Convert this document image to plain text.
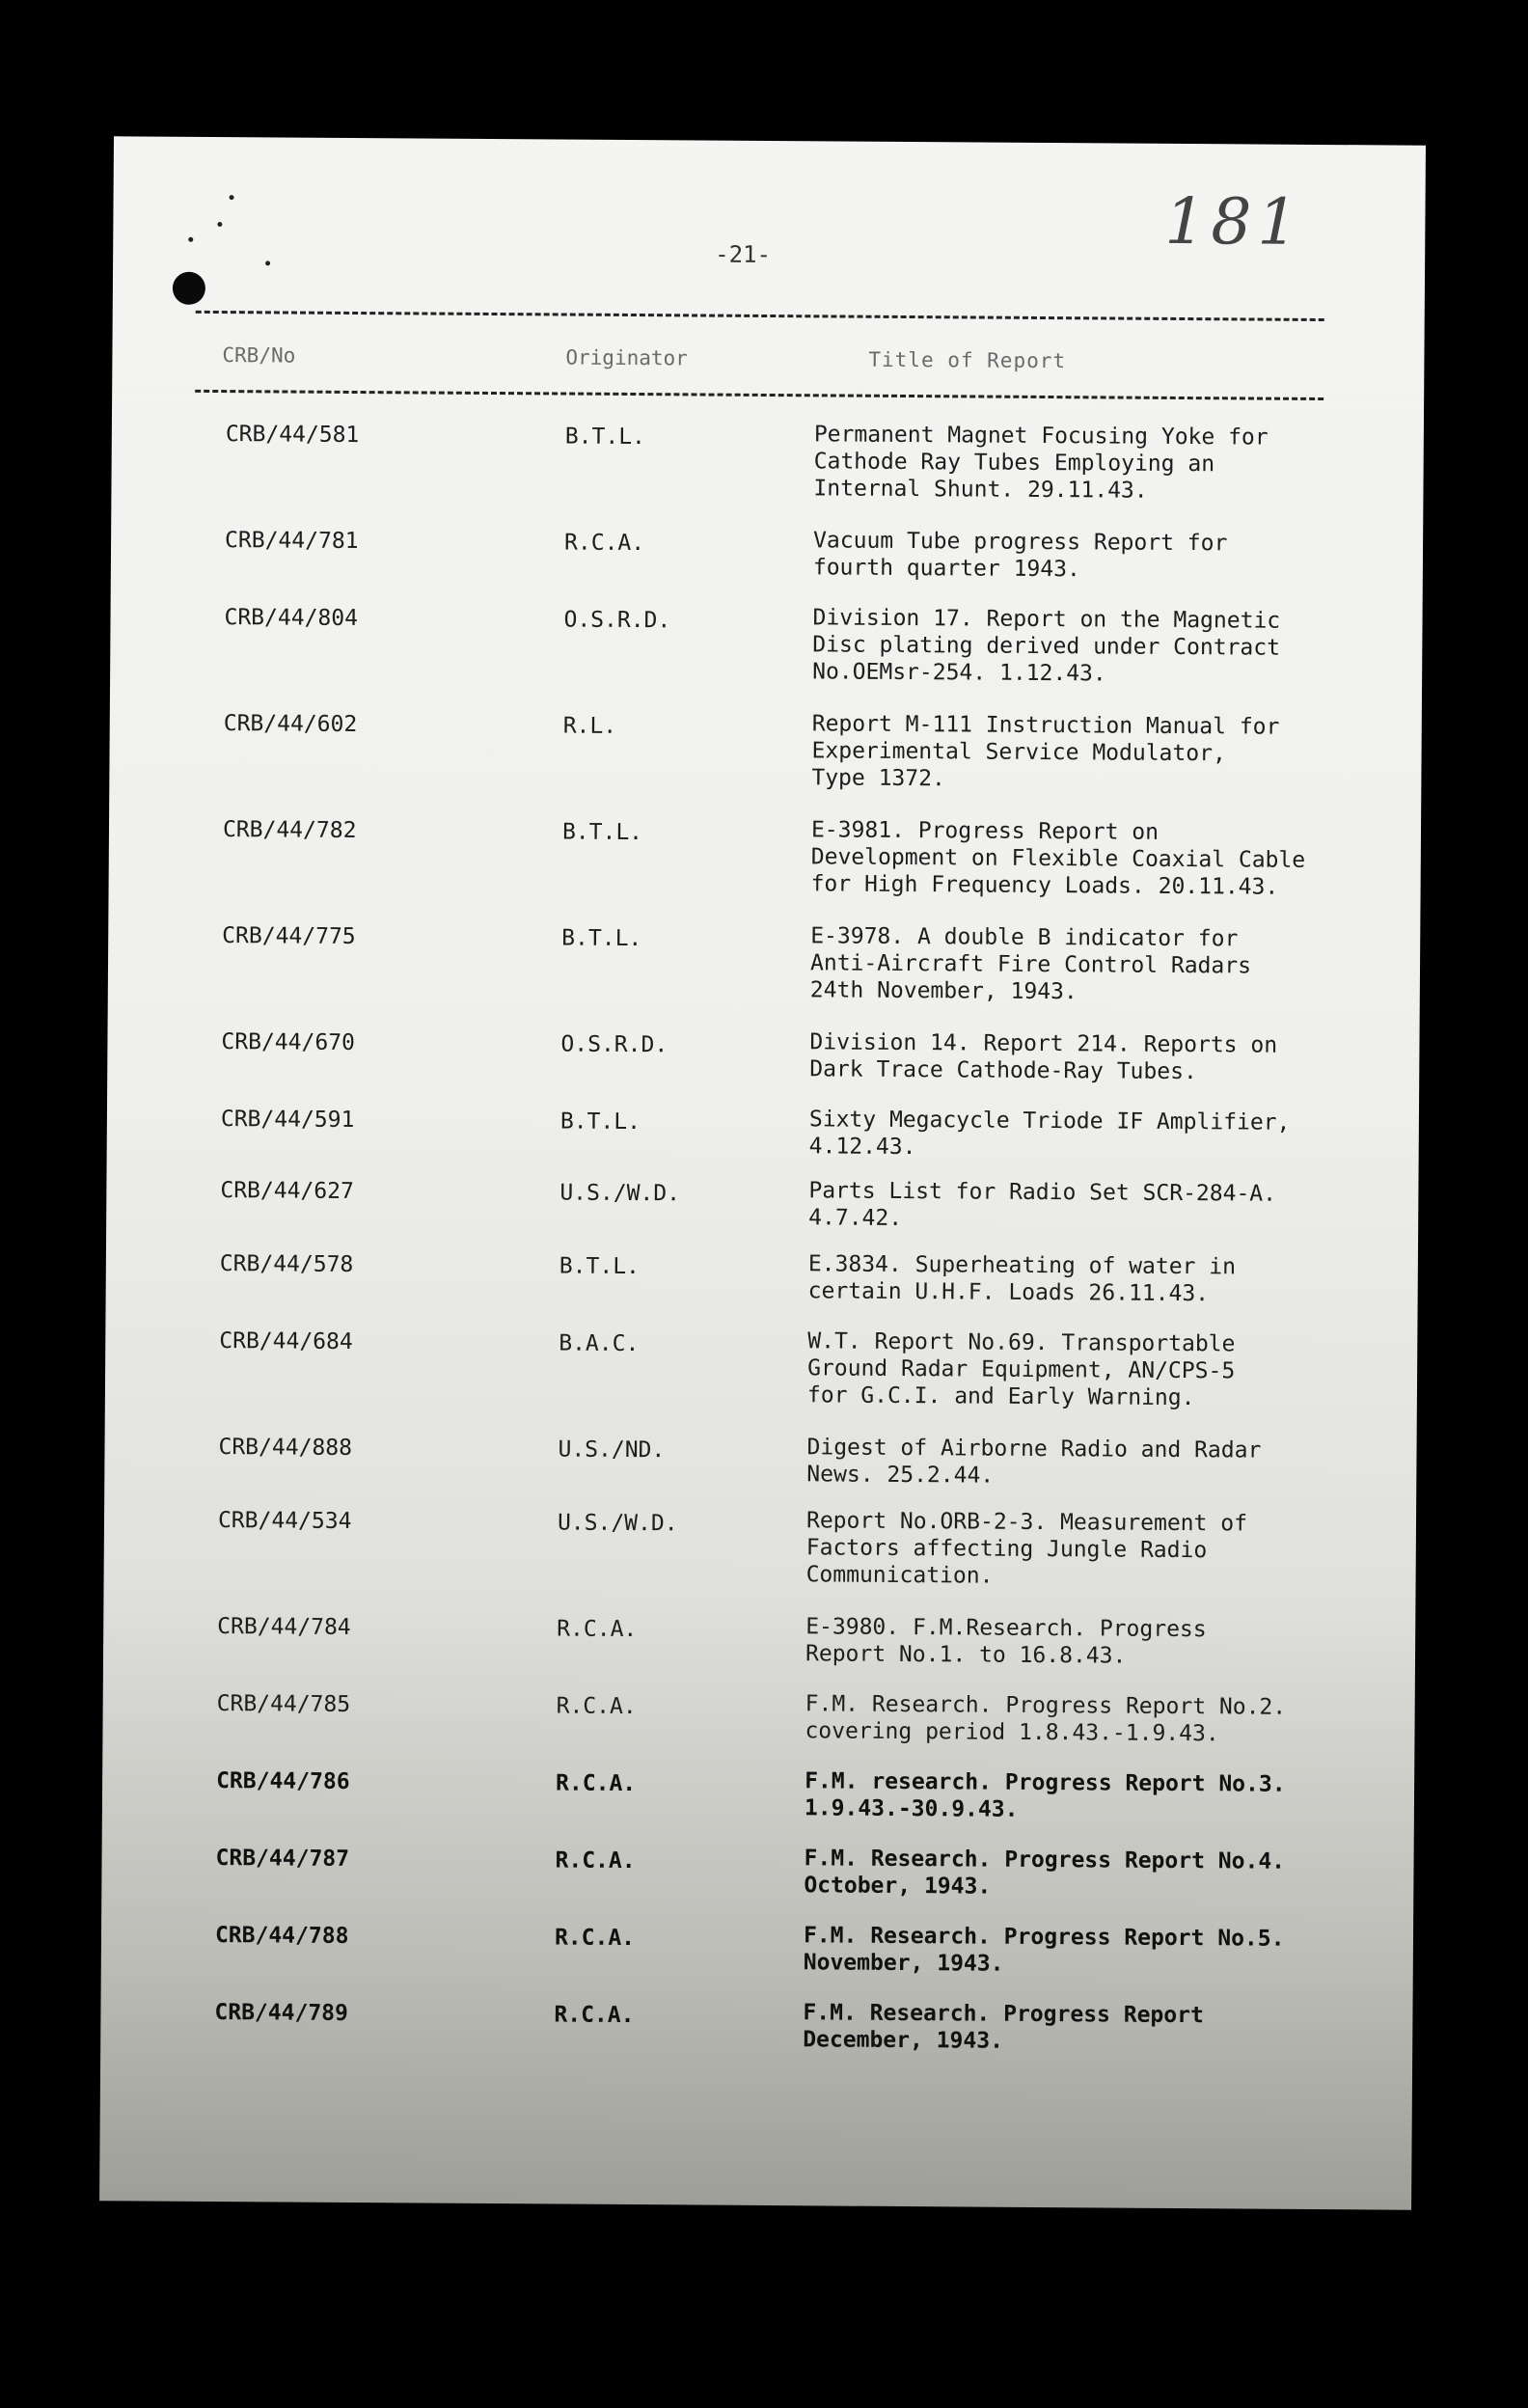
-21-	181
CRB/No	Originator	Title of Report
CRB/44/581	B.T.L.	Permanent Magnet Focusing Yoke for
Cathode Ray Tubes Employing an
Internal Shunt. 29.11.43.
CRB/44/781	R.C.A.	Vacuum Tube progress Report for
fourth quarter 1943.
CRB/44/804	O.S.R.D.	Division 17. Report on the Magnetic
Disc plating derived under Contract
No.OEMsr-254. 1.12.43.
CRB/44/602	R.L.	Report M-111 Instruction Manual for
Experimental Service Modulator,
Type 1372.
CRB/44/782	B.T.L.	E-3981. Progress Report on
Development on Flexible Coaxial Cable
for High Frequency Loads. 20.11.43.
CRB/44/775	B.T.L.	E-3978. A double B indicator for
Anti-Aircraft Fire Control Radars
24th November, 1943.
CRB/44/670	O.S.R.D.	Division 14. Report 214. Reports on
Dark Trace Cathode-Ray Tubes.
CRB/44/591	B.T.L.	Sixty Megacycle Triode IF Amplifier,
4.12.43.
CRB/44/627	U.S./W.D.	Parts List for Radio Set SCR-284-A.
4.7.42.
CRB/44/578	B.T.L.	E.3834. Superheating of water in
certain U.H.F. Loads 26.11.43.
CRB/44/684	B.A.C.	W.T. Report No.69. Transportable
Ground Radar Equipment, AN/CPS-5
for G.C.I. and Early Warning.
CRB/44/888	U.S./ND.	Digest of Airborne Radio and Radar
News. 25.2.44.
CRB/44/534	U.S./W.D.	Report No.ORB-2-3. Measurement of
Factors affecting Jungle Radio
Communication.
CRB/44/784	R.C.A.	E-3980. F.M.Research. Progress
Report No.1. to 16.8.43.
CRB/44/785	R.C.A.	F.M. Research. Progress Report No.2.
covering period 1.8.43.-1.9.43.
CRB/44/786	R.C.A.	F.M. research. Progress Report No.3.
1.9.43.-30.9.43.
CRB/44/787	R.C.A.	F.M. Research. Progress Report No.4.
October, 1943.
CRB/44/788	R.C.A.	F.M. Research. Progress Report No.5.
November, 1943.
CRB/44/789	R.C.A.	F.M. Research. Progress Report
December, 1943.
